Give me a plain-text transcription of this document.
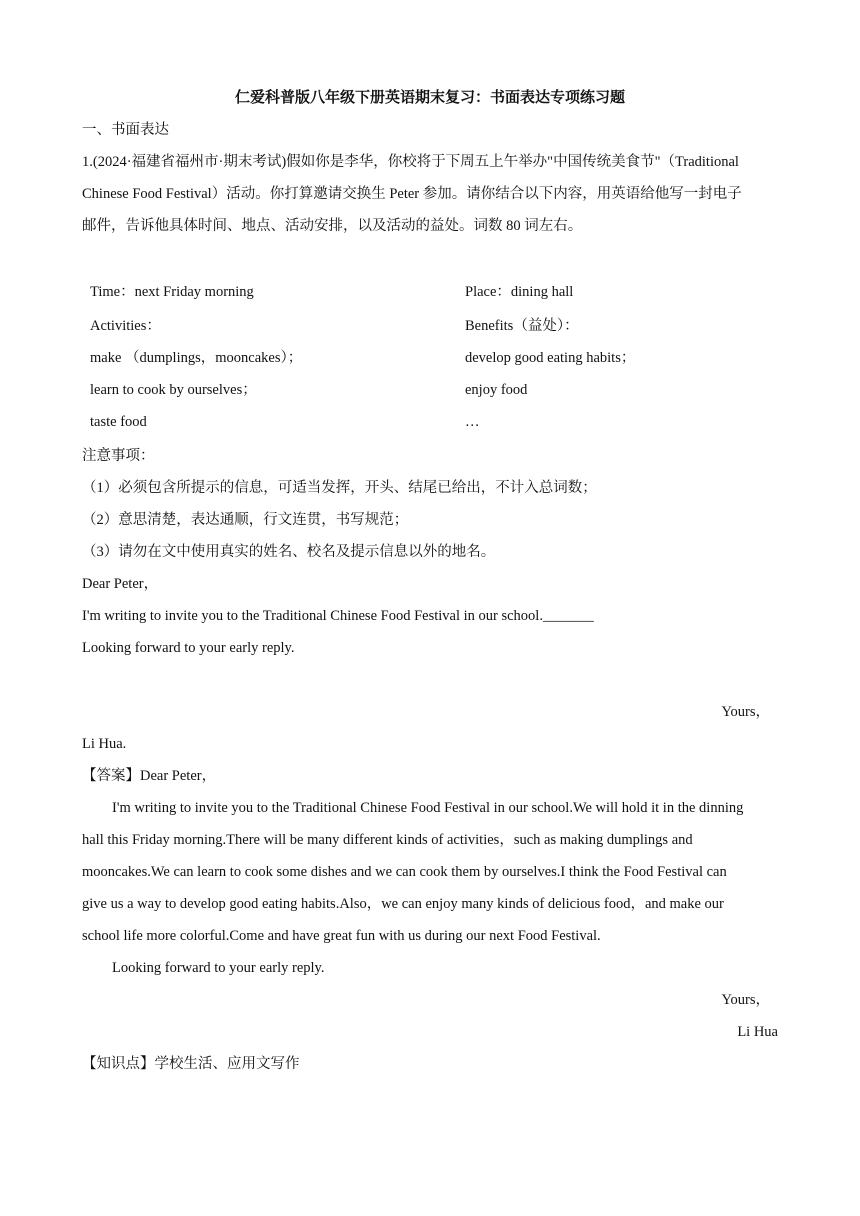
仁爱科普版八年级下册英语期末复习：书面表达专项练习题
一、书面表达
1.(2024·福建省福州市·期末考试)假如你是李华，你校将于下周五上午举办"中国传统美食节"（Traditional
Chinese Food Festival）活动。你打算邀请交换生 Peter 参加。请你结合以下内容，用英语给他写一封电子
邮件，告诉他具体时间、地点、活动安排，以及活动的益处。词数 80 词左右。
Time：next Friday morning	Place：dining hall
Activities：	Benefits（益处）：
make （dumplings，mooncakes）；	develop good eating habits；
learn to cook by ourselves；	enjoy food
taste food	…
注意事项：
（1）必须包含所提示的信息，可适当发挥，开头、结尾已给出，不计入总词数；
（2）意思清楚，表达通顺，行文连贯，书写规范；
（3）请勿在文中使用真实的姓名、校名及提示信息以外的地名。
Dear Peter，
I'm writing to invite you to the Traditional Chinese Food Festival in our school._______
Looking forward to your early reply.
Yours，
Li Hua.
【答案】Dear Peter，
I'm writing to invite you to the Traditional Chinese Food Festival in our school.We will hold it in the dinning
hall this Friday morning.There will be many different kinds of activities，such as making dumplings and
mooncakes.We can learn to cook some dishes and we can cook them by ourselves.I think the Food Festival can
give us a way to develop good eating habits.Also，we can enjoy many kinds of delicious food，and make our
school life more colorful.Come and have great fun with us during our next Food Festival.
Looking forward to your early reply.
Yours，
Li Hua
【知识点】学校生活、应用文写作
